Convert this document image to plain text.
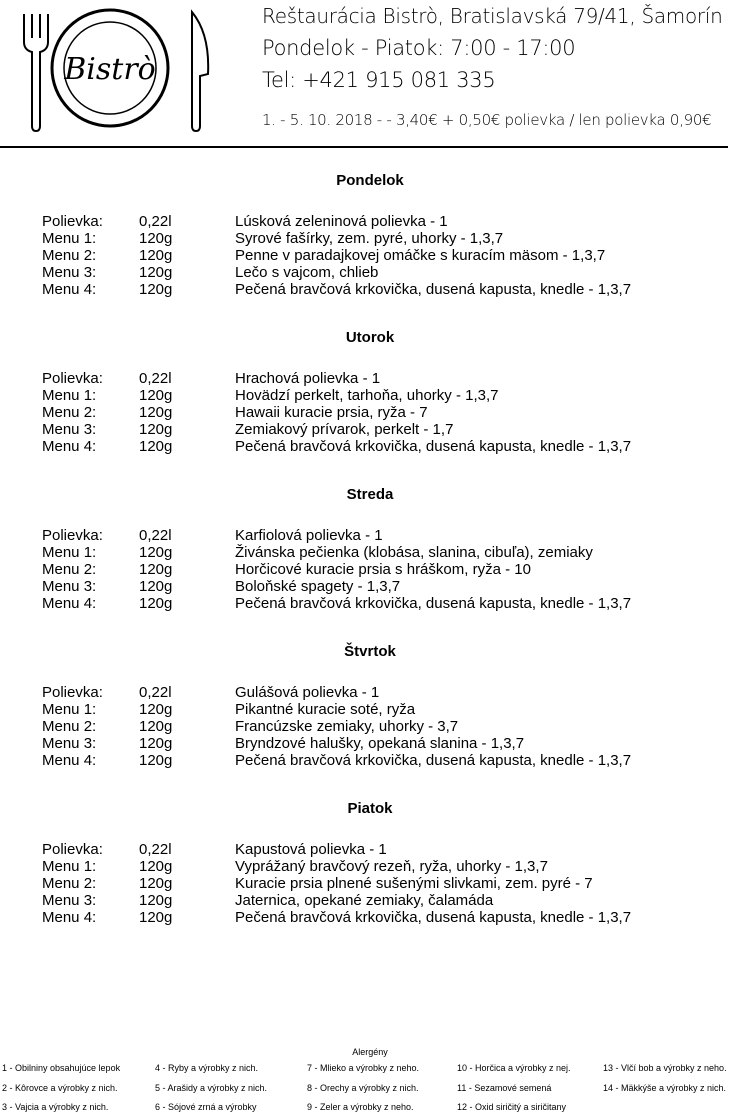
Bistrò
Reštaurácia Bistrò, Bratislavská 79/41, Šamorín
Pondelok - Piatok: 7:00 - 17:00
Tel: +421 915 081 335
1. - 5. 10. 2018 - - 3,40€ + 0,50€ polievka / len polievka 0,90€
Pondelok
Polievka: 0,22l	Lúsková zeleninová polievka - 1
Menu 1:	120g	Syrové fašírky, zem. pyré, uhorky - 1,3,7
Menu 2:	120g	Penne v paradajkovej omáčke s kuracím mäsom - 1,3,7
Menu 3:	120g	Lečo s vajcom, chlieb
Menu 4:	120g	Pečená bravčová krkovička, dusená kapusta, knedle - 1,3,7
Utorok
Polievka: 0,22l	Hrachová polievka - 1
Menu 1:	120g	Hovädzí perkelt, tarhoňa, uhorky - 1,3,7
Menu 2:	120g	Hawaii kuracie prsia, ryža - 7
Menu 3:	120g	Zemiakový prívarok, perkelt - 1,7
Menu 4:	120g	Pečená bravčová krkovička, dusená kapusta, knedle - 1,3,7
Streda
Polievka: 0,22l	Karfiolová polievka - 1
Menu 1:	120g	Živánska pečienka (klobása, slanina, cibuľa), zemiaky
Menu 2:	120g	Horčicové kuracie prsia s hráškom, ryža - 10
Menu 3:	120g	Boloňské spagety - 1,3,7
Menu 4:	120g	Pečená bravčová krkovička, dusená kapusta, knedle - 1,3,7
Štvrtok
Polievka: 0,22l	Gulášová polievka - 1
Menu 1:	120g	Pikantné kuracie soté, ryža
Menu 2:	120g	Francúzske zemiaky, uhorky - 3,7
Menu 3:	120g	Bryndzové halušky, opekaná slanina - 1,3,7
Menu 4:	120g	Pečená bravčová krkovička, dusená kapusta, knedle - 1,3,7
Piatok
Polievka: 0,22l	Kapustová polievka - 1
Menu 1:	120g	Vyprážaný bravčový rezeň, ryža, uhorky - 1,3,7
Menu 2:	120g	Kuracie prsia plnené sušenými slivkami, zem. pyré - 7
Menu 3:	120g	Jaternica, opekané zemiaky, čalamáda
Menu 4:	120g	Pečená bravčová krkovička, dusená kapusta, knedle - 1,3,7
Alergény
1 - Obilniny obsahujúce lepok
2 - Kôrovce a výrobky z nich.
3 - Vajcia a výrobky z nich.
4 - Ryby a výrobky z nich.
5 - Arašidy a výrobky z nich.
6 - Sójové zrná a výrobky
7 - Mlieko a výrobky z neho.
8 - Orechy a výrobky z nich.
9 - Zeler a výrobky z neho.
10 - Horčica a výrobky z nej.
11 - Sezamové semená
12 - Oxid siričitý a siričitany
13 - Vlčí bob a výrobky z neho.
14 - Mäkkýše a výrobky z nich.
